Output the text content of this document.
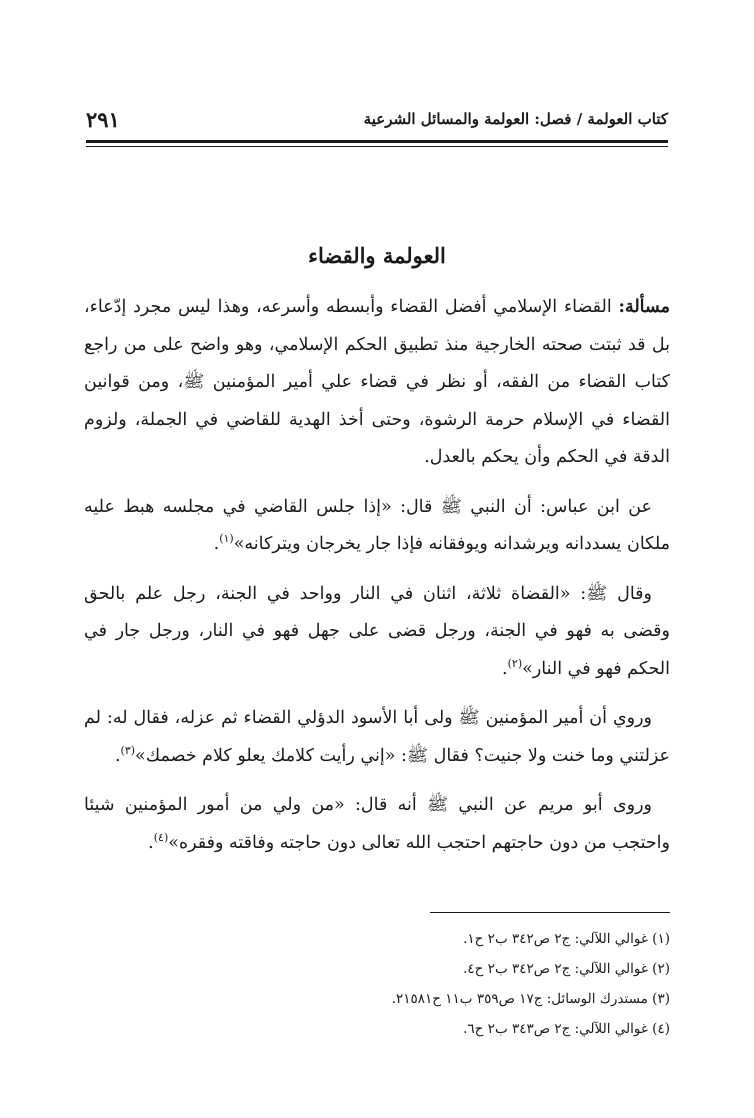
كتاب العولمة / فصل: العولمة والمسائل الشرعية
٢٩١
العولمة والقضاء

مسألة: القضاء الإسلامي أفضل القضاء وأبسطه وأسرعه، وهذا ليس مجرد إدّعاء، بل قد ثبتت صحته الخارجية منذ تطبيق الحكم الإسلامي، وهو واضح على من راجع كتاب القضاء من الفقه، أو نظر في قضاء علي أمير المؤمنين ﷺ، ومن قوانين القضاء في الإسلام حرمة الرشوة، وحتى أخذ الهدية للقاضي في الجملة، ولزوم الدقة في الحكم وأن يحكم بالعدل.

عن ابن عباس: أن النبي ﷺ قال: «إذا جلس القاضي في مجلسه هبط عليه ملكان يسددانه ويرشدانه ويوفقانه فإذا جار يخرجان ويتركانه»$^{(١)}$.

وقال ﷺ: «القضاة ثلاثة، اثنان في النار وواحد في الجنة، رجل علم بالحق وقضى به فهو في الجنة، ورجل قضى على جهل فهو في النار، ورجل جار في الحكم فهو في النار»$^{(٢)}$.

وروي أن أمير المؤمنين ﷺ ولى أبا الأسود الدؤلي القضاء ثم عزله، فقال له: لم عزلتني وما خنت ولا جنيت؟ فقال ﷺ: «إني رأيت كلامك يعلو كلام خصمك»$^{(٣)}$.

وروى أبو مريم عن النبي ﷺ أنه قال: «من ولي من أمور المؤمنين شيئا واحتجب من دون حاجتهم احتجب الله تعالى دون حاجته وفاقته وفقره»$^{(٤)}$.

(١) غوالي اللآلي: ج٢ ص٣٤٢ ب٢ ح١.
(٢) غوالي اللآلي: ج٢ ص٣٤٢ ب٢ ح٤.
(٣) مستدرك الوسائل: ج١٧ ص٣٥٩ ب١١ ح٢١٥٨١.
(٤) غوالي اللآلي: ج٢ ص٣٤٣ ب٢ ح٦.
